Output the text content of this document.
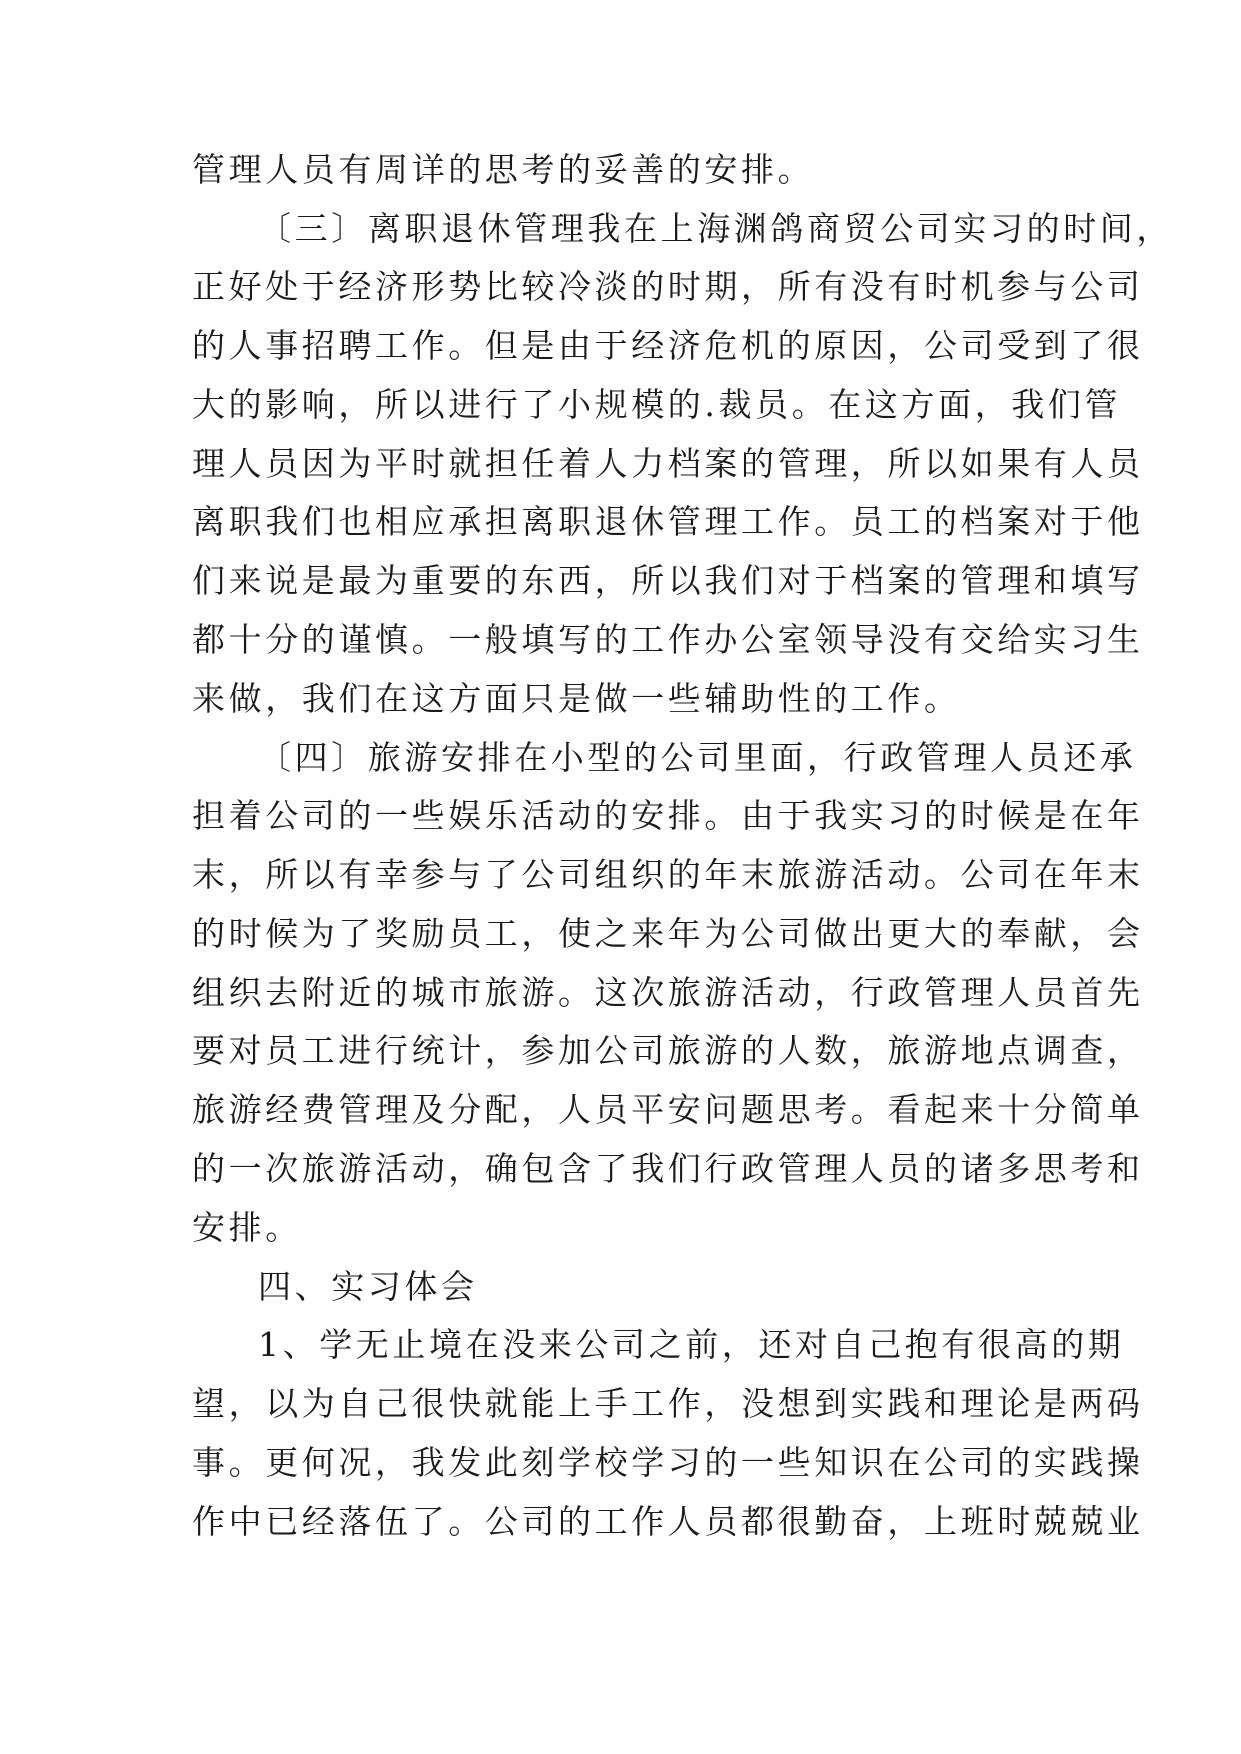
管理人员有周详的思考的妥善的安排。

〔三〕离职退休管理我在上海渊鸽商贸公司实习的时间，

正好处于经济形势比较冷淡的时期，所有没有时机参与公司

的人事招聘工作。但是由于经济危机的原因，公司受到了很

大的影响，所以进行了小规模的.裁员。在这方面，我们管

理人员因为平时就担任着人力档案的管理，所以如果有人员

离职我们也相应承担离职退休管理工作。员工的档案对于他

们来说是最为重要的东西，所以我们对于档案的管理和填写

都十分的谨慎。一般填写的工作办公室领导没有交给实习生

来做，我们在这方面只是做一些辅助性的工作。

〔四〕旅游安排在小型的公司里面，行政管理人员还承

担着公司的一些娱乐活动的安排。由于我实习的时候是在年

末，所以有幸参与了公司组织的年末旅游活动。公司在年末

的时候为了奖励员工，使之来年为公司做出更大的奉献，会

组织去附近的城市旅游。这次旅游活动，行政管理人员首先

要对员工进行统计，参加公司旅游的人数，旅游地点调查，

旅游经费管理及分配，人员平安问题思考。看起来十分简单

的一次旅游活动，确包含了我们行政管理人员的诸多思考和

安排。

四、实习体会

1、学无止境在没来公司之前，还对自己抱有很高的期

望，以为自己很快就能上手工作，没想到实践和理论是两码

事。更何况，我发此刻学校学习的一些知识在公司的实践操

作中已经落伍了。公司的工作人员都很勤奋，上班时兢兢业
